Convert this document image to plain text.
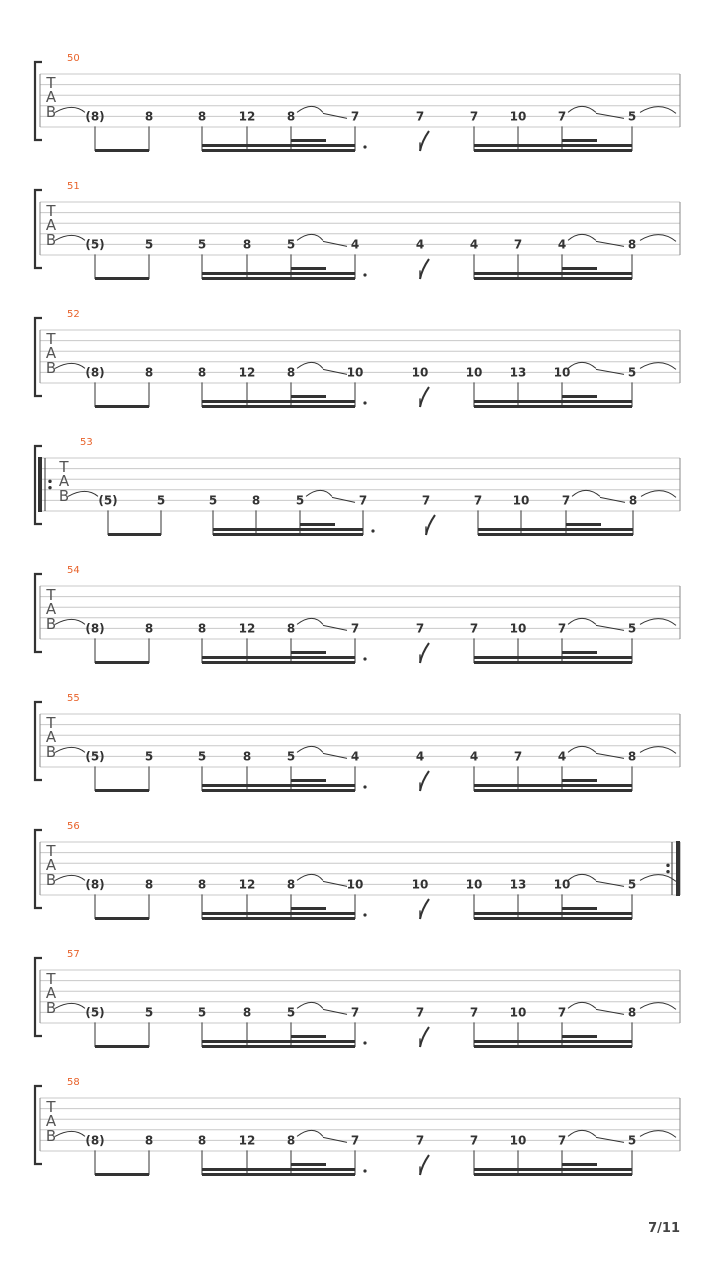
T
A
B
50
(8)	8	8	12	8	7	7	7	10	7	5
T
A
B
51
(5)	5	5	8	5	4	4	4	7	4	8
T
A
B
52
(8)	8	8	12	8	10	10	10 13 10	5
T
A
B
53
(5)	5	5	8	5	7	7	7	10	7	8
T
A
B
54
(8)	8	8	12	8	7	7	7	10	7	5
T
A
B
55
(5)	5	5	8	5	4	4	4	7	4	8
T
A
B
56
(8)	8	8	12	8	10	10	10 13 10	5
T
A
B
57
(5)	5	5	8	5	7	7	7	10	7	8
T
A
B
58
(8)	8	8	12	8	7	7	7	10	7	5
7/11
